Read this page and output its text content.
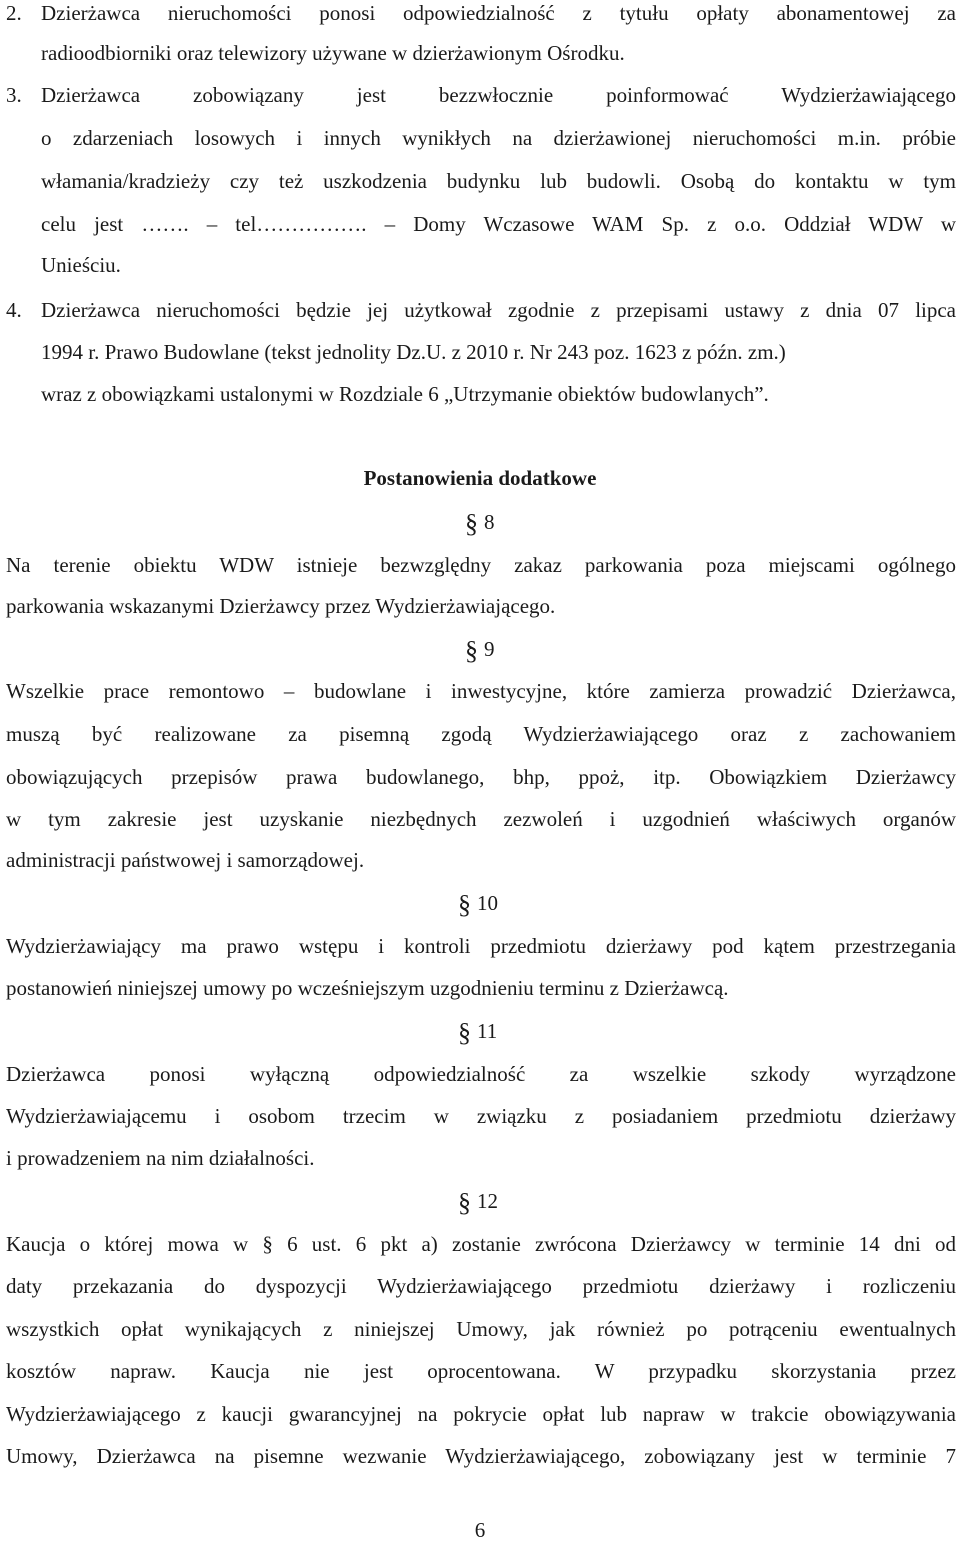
2. Dzierżawca nieruchomości ponosi odpowiedzialność z tytułu opłaty abonamentowej za
radioodbiorniki oraz telewizory używane w dzierżawionym Ośrodku.
3. Dzierżawca zobowiązany jest bezzwłocznie poinformować Wydzierżawiającego
o zdarzeniach losowych i innych wynikłych na dzierżawionej nieruchomości m.in. próbie
włamania/kradzieży czy też uszkodzenia budynku lub budowli. Osobą do kontaktu w tym
celu jest ……. – tel……………. – Domy Wczasowe WAM Sp. z o.o. Oddział WDW w
Unieściu.
4. Dzierżawca nieruchomości będzie jej użytkował zgodnie z przepisami ustawy z dnia 07 lipca
1994 r. Prawo Budowlane (tekst jednolity Dz.U. z 2010 r. Nr 243 poz. 1623 z późn. zm.)
wraz z obowiązkami ustalonymi w Rozdziale 6 „Utrzymanie obiektów budowlanych”.
Postanowienia dodatkowe
§ 8
Na terenie obiektu WDW istnieje bezwzględny zakaz parkowania poza miejscami ogólnego
parkowania wskazanymi Dzierżawcy przez Wydzierżawiającego.
§ 9
Wszelkie prace remontowo – budowlane i inwestycyjne, które zamierza prowadzić Dzierżawca,
muszą być realizowane za pisemną zgodą Wydzierżawiającego oraz z zachowaniem
obowiązujących przepisów prawa budowlanego, bhp, ppoż, itp. Obowiązkiem Dzierżawcy
w tym zakresie jest uzyskanie niezbędnych zezwoleń i uzgodnień właściwych organów
administracji państwowej i samorządowej.
§ 10
Wydzierżawiający ma prawo wstępu i kontroli przedmiotu dzierżawy pod kątem przestrzegania
postanowień niniejszej umowy po wcześniejszym uzgodnieniu terminu z Dzierżawcą.
§ 11
Dzierżawca ponosi wyłączną odpowiedzialność za wszelkie szkody wyrządzone
Wydzierżawiającemu i osobom trzecim w związku z posiadaniem przedmiotu dzierżawy
i prowadzeniem na nim działalności.
§ 12
Kaucja o której mowa w § 6 ust. 6 pkt a) zostanie zwrócona Dzierżawcy w terminie 14 dni od
daty przekazania do dyspozycji Wydzierżawiającego przedmiotu dzierżawy i rozliczeniu
wszystkich opłat wynikających z niniejszej Umowy, jak również po potrąceniu ewentualnych
kosztów napraw. Kaucja nie jest oprocentowana. W przypadku skorzystania przez
Wydzierżawiającego z kaucji gwarancyjnej na pokrycie opłat lub napraw w trakcie obowiązywania
Umowy, Dzierżawca na pisemne wezwanie Wydzierżawiającego, zobowiązany jest w terminie 7
6
